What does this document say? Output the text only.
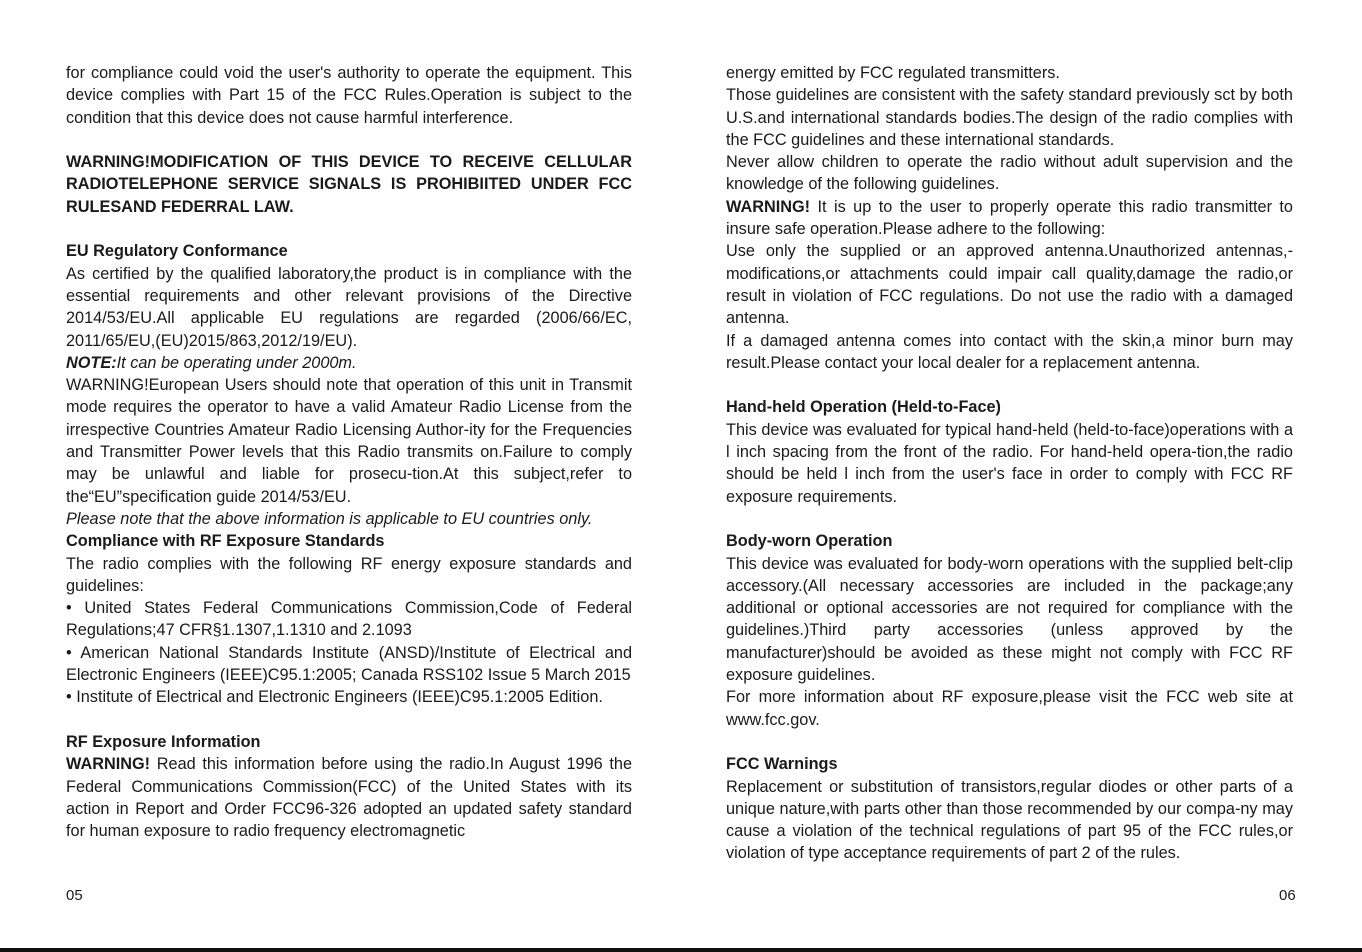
for compliance could void the user's authority to operate the equipment. This device complies with Part 15 of the FCC Rules.Operation is subject to the condition that this device does not cause harmful interference.

WARNING!MODIFICATION OF THIS DEVICE TO RECEIVE CELLULAR RADIOTELEPHONE SERVICE SIGNALS IS PROHIBIITED UNDER FCC RULESAND FEDERRAL LAW.

EU Regulatory Conformance

As certified by the qualified laboratory,the product is in compliance with the essential requirements and other relevant provisions of the Directive 2014/53/EU.All applicable EU regulations are regarded (2006/66/EC, 2011/65/EU,(EU)2015/863,2012/19/EU).

NOTE:It can be operating under 2000m.

WARNING!European Users should note that operation of this unit in Transmit mode requires the operator to have a valid Amateur Radio License from the irrespective Countries Amateur Radio Licensing Author-ity for the Frequencies and Transmitter Power levels that this Radio transmits on.Failure to comply may be unlawful and liable for prosecu-tion.At this subject,refer to the“EU”specification guide 2014/53/EU.

Please note that the above information is applicable to EU countries only.

Compliance with RF Exposure Standards

The radio complies with the following RF energy exposure standards and guidelines:

• United States Federal Communications Commission,Code of Federal Regulations;47 CFR§1.1307,1.1310 and 2.1093

• American National Standards Institute (ANSD)/Institute of Electrical and Electronic Engineers (IEEE)C95.1:2005; Canada RSS102 Issue 5 March 2015

• Institute of Electrical and Electronic Engineers (IEEE)C95.1:2005 Edition.

RF Exposure Information

WARNING! Read this information before using the radio.In August 1996 the Federal Communications Commission(FCC) of the United States with its action in Report and Order FCC96-326 adopted an updated safety standard for human exposure to radio frequency electromagnetic

energy emitted by FCC regulated transmitters.

Those guidelines are consistent with the safety standard previously sct by both U.S.and international standards bodies.The design of the radio complies with the FCC guidelines and these international standards.

Never allow children to operate the radio without adult supervision and the knowledge of the following guidelines.

WARNING! It is up to the user to properly operate this radio transmitter to insure safe operation.Please adhere to the following:

Use only the supplied or an approved antenna.Unauthorized antennas,-modifications,or attachments could impair call quality,damage the radio,or result in violation of FCC regulations. Do not use the radio with a damaged antenna.

If a damaged antenna comes into contact with the skin,a minor burn may result.Please contact your local dealer for a replacement antenna.

Hand-held Operation (Held-to-Face)

This device was evaluated for typical hand-held (held-to-face)operations with a l inch spacing from the front of the radio. For hand-held opera-tion,the radio should be held l inch from the user's face in order to comply with FCC RF exposure requirements.

Body-worn Operation

This device was evaluated for body-worn operations with the supplied belt-clip accessory.(All necessary accessories are included in the package;any additional or optional accessories are not required for compliance with the guidelines.)Third party accessories (unless approved by the manufacturer)should be avoided as these might not comply with FCC RF exposure guidelines.

For more information about RF exposure,please visit the FCC web site at www.fcc.gov.

FCC Warnings

Replacement or substitution of transistors,regular diodes or other parts of a unique nature,with parts other than those recommended by our compa-ny may cause a violation of the technical regulations of part 95 of the FCC rules,or violation of type acceptance requirements of part 2 of the rules.

05	06
